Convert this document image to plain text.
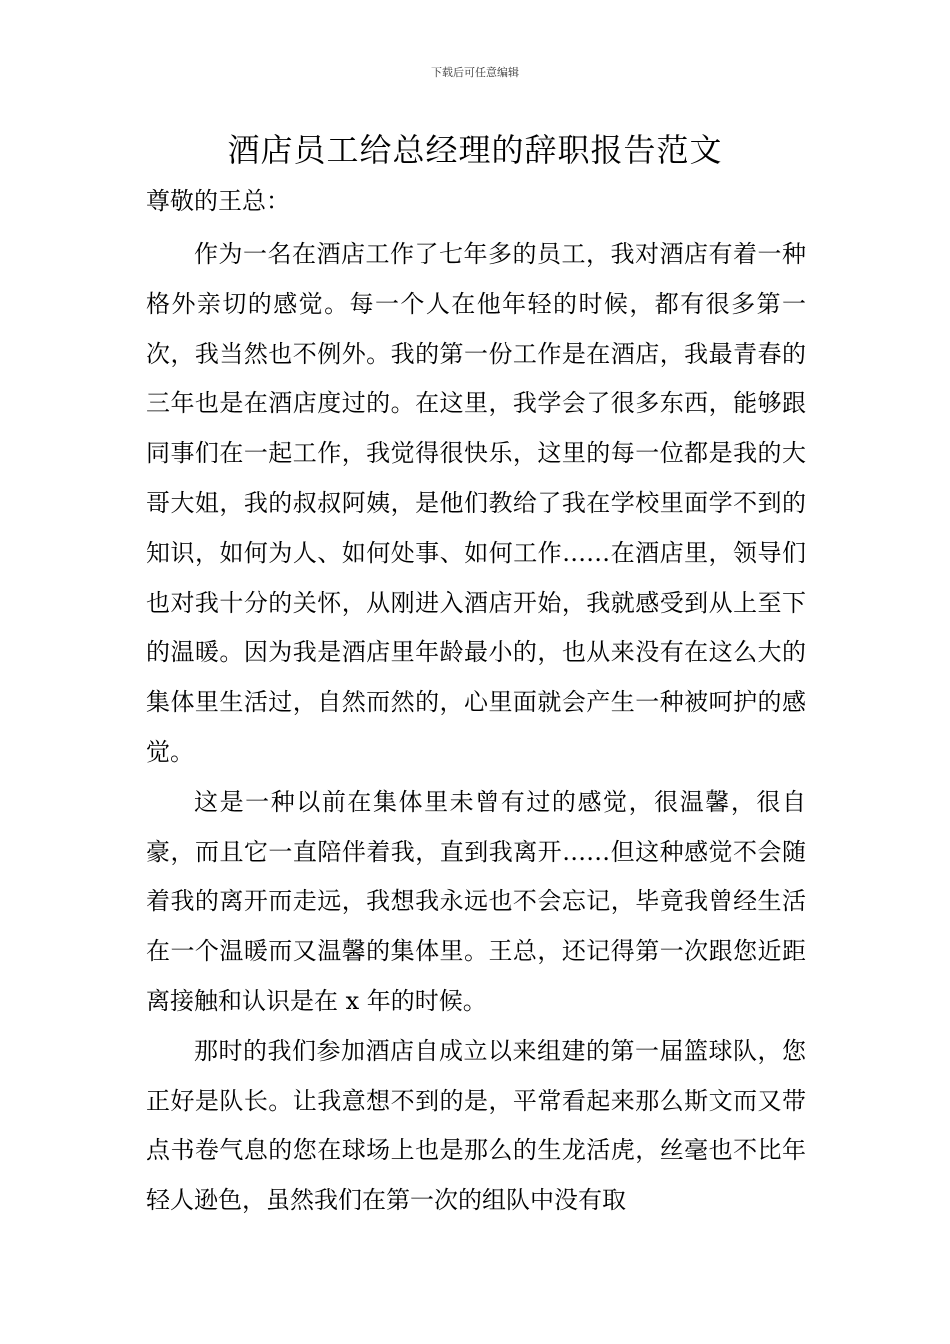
下载后可任意编辑
酒店员工给总经理的辞职报告范文

尊敬的王总：

作为一名在酒店工作了七年多的员工，我对酒店有着一种格外亲切的感觉。每一个人在他年轻的时候，都有很多第一次，我当然也不例外。我的第一份工作是在酒店，我最青春的三年也是在酒店度过的。在这里，我学会了很多东西，能够跟同事们在一起工作，我觉得很快乐，这里的每一位都是我的大哥大姐，我的叔叔阿姨，是他们教给了我在学校里面学不到的知识，如何为人、如何处事、如何工作……在酒店里，领导们也对我十分的关怀，从刚进入酒店开始，我就感受到从上至下的温暖。因为我是酒店里年龄最小的，也从来没有在这么大的集体里生活过，自然而然的，心里面就会产生一种被呵护的感觉。

这是一种以前在集体里未曾有过的感觉，很温馨，很自豪，而且它一直陪伴着我，直到我离开……但这种感觉不会随着我的离开而走远，我想我永远也不会忘记，毕竟我曾经生活在一个温暖而又温馨的集体里。王总，还记得第一次跟您近距离接触和认识是在 x 年的时候。

那时的我们参加酒店自成立以来组建的第一届篮球队，您正好是队长。让我意想不到的是，平常看起来那么斯文而又带点书卷气息的您在球场上也是那么的生龙活虎，丝毫也不比年轻人逊色，虽然我们在第一次的组队中没有取
